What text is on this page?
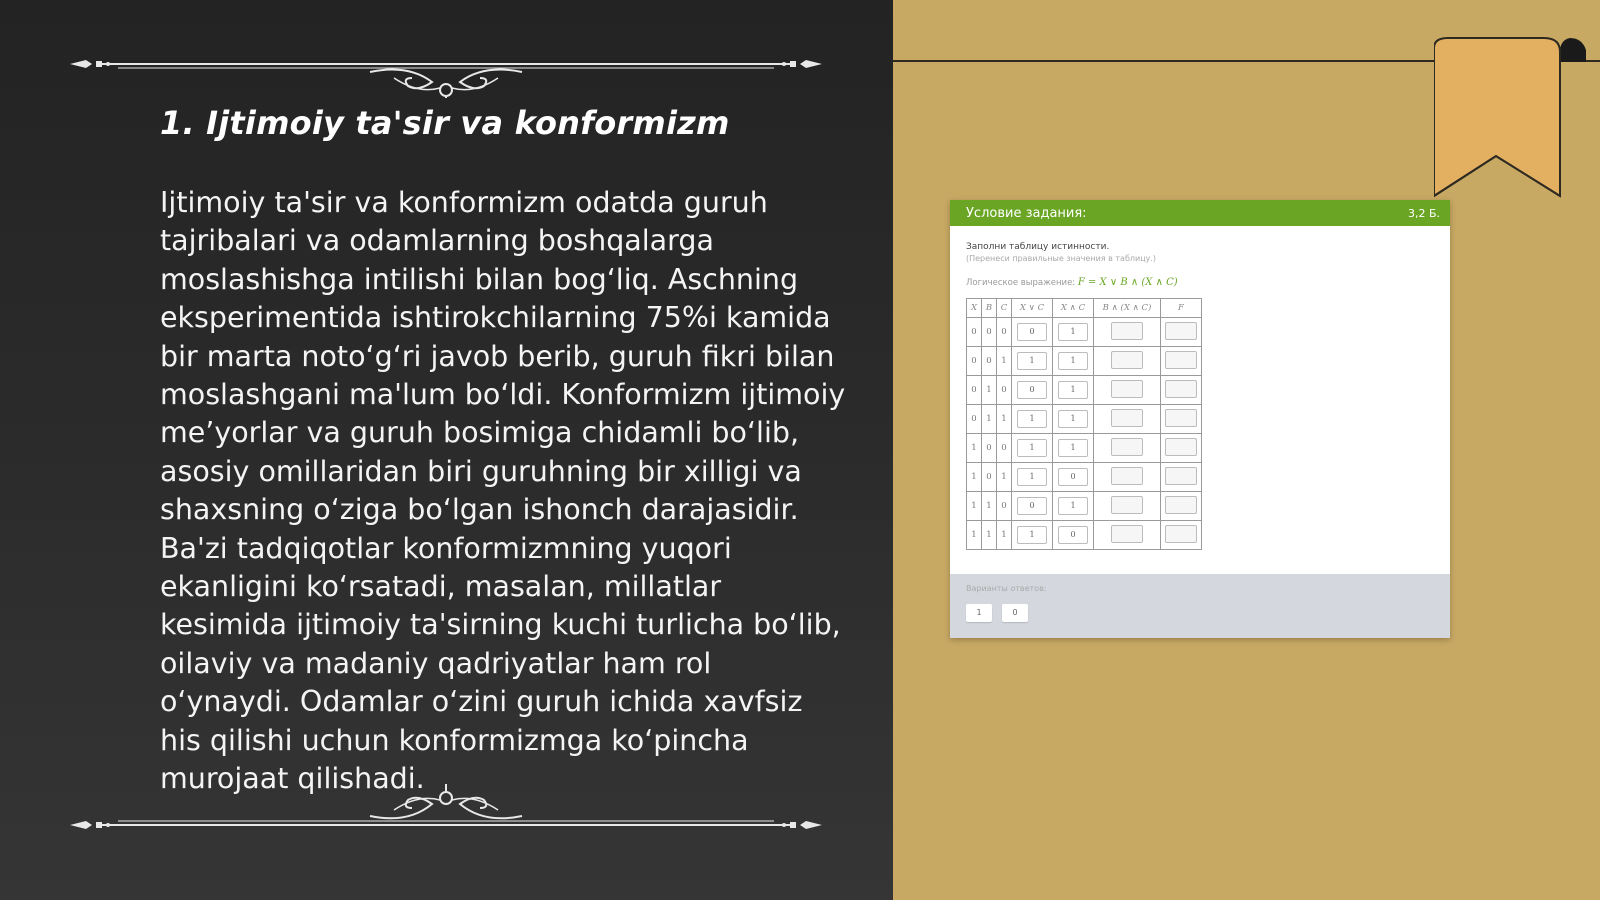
1. Ijtimoiy ta'sir va konformizm

Ijtimoiy ta'sir va konformizm odatda guruh tajribalari va odamlarning boshqalarga moslashishga intilishi bilan bog‘liq. Aschning eksperimentida ishtirokchilarning 75%i kamida bir marta noto‘g‘ri javob berib, guruh fikri bilan moslashgani ma'lum bo‘ldi. Konformizm ijtimoiy me’yorlar va guruh bosimiga chidamli bo‘lib, asosiy omillaridan biri guruhning bir xilligi va shaxsning o‘ziga bo‘lgan ishonch darajasidir. Ba'zi tadqiqotlar konformizmning yuqori ekanligini ko‘rsatadi, masalan, millatlar kesimida ijtimoiy ta'sirning kuchi turlicha bo‘lib, oilaviy va madaniy qadriyatlar ham rol o‘ynaydi. Odamlar o‘zini guruh ichida xavfsiz his qilishi uchun konformizmga ko‘pincha murojaat qilishadi.

Условие задания:	3,2 Б.
Заполни таблицу истинности.
(Перенеси правильные значения в таблицу.)
Логическое выражение: F = X ∨ B ∧ (X ∧ C)
X	B	C	X ∨ C	X ∧ C	B ∧ (X ∧ C)	F
0	0	0	0	1		
0	0	1	1	1		
0	1	0	0	1		
0	1	1	1	1		
1	0	0	1	1		
1	0	1	1	0		
1	1	0	0	1		
1	1	1	1	0		
Варианты ответов:
1	0
